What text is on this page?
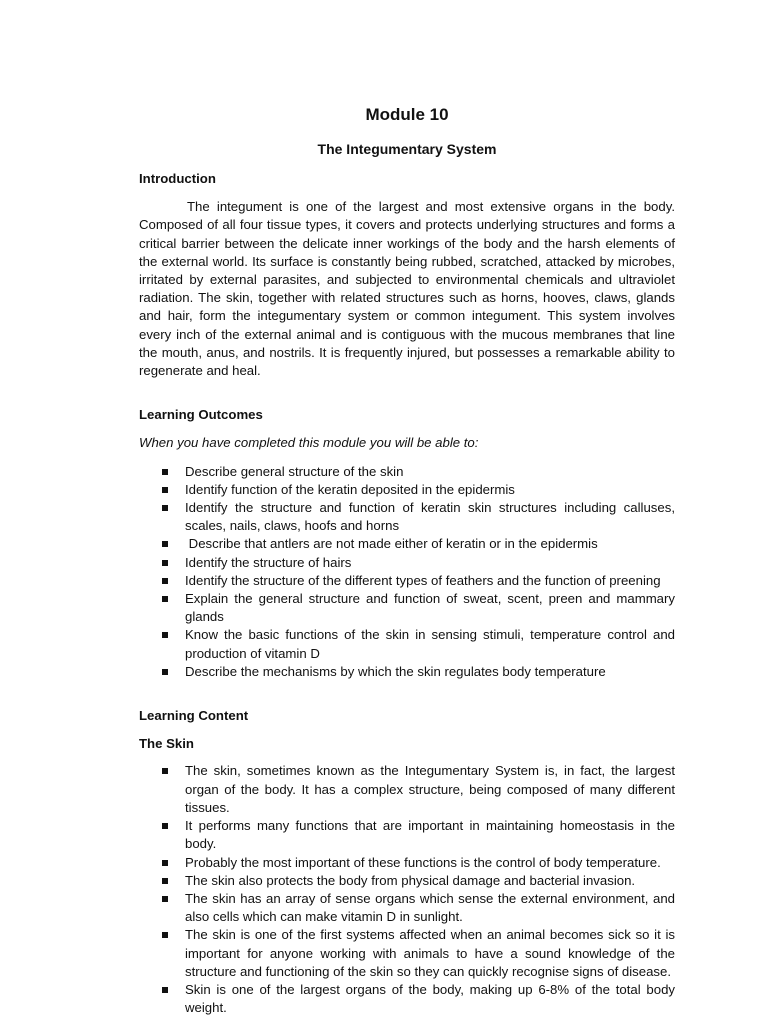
Module 10
The Integumentary System
Introduction

The integument is one of the largest and most extensive organs in the body. Composed of all four tissue types, it covers and protects underlying structures and forms a critical barrier between the delicate inner workings of the body and the harsh elements of the external world. Its surface is constantly being rubbed, scratched, attacked by microbes, irritated by external parasites, and subjected to environmental chemicals and ultraviolet radiation. The skin, together with related structures such as horns, hooves, claws, glands and hair, form the integumentary system or common integument. This system involves every inch of the external animal and is contiguous with the mucous membranes that line the mouth, anus, and nostrils. It is frequently injured, but possesses a remarkable ability to regenerate and heal.

Learning Outcomes

When you have completed this module you will be able to:

Describe general structure of the skin
Identify function of the keratin deposited in the epidermis
Identify the structure and function of keratin skin structures including calluses, scales, nails, claws, hoofs and horns
Describe that antlers are not made either of keratin or in the epidermis
Identify the structure of hairs
Identify the structure of the different types of feathers and the function of preening
Explain the general structure and function of sweat, scent, preen and mammary glands
Know the basic functions of the skin in sensing stimuli, temperature control and production of vitamin D
Describe the mechanisms by which the skin regulates body temperature
Learning Content
The Skin
The skin, sometimes known as the Integumentary System is, in fact, the largest organ of the body. It has a complex structure, being composed of many different tissues.
It performs many functions that are important in maintaining homeostasis in the body.
Probably the most important of these functions is the control of body temperature.
The skin also protects the body from physical damage and bacterial invasion.
The skin has an array of sense organs which sense the external environment, and also cells which can make vitamin D in sunlight.
The skin is one of the first systems affected when an animal becomes sick so it is important for anyone working with animals to have a sound knowledge of the structure and functioning of the skin so they can quickly recognise signs of disease.
Skin is one of the largest organs of the body, making up 6-8% of the total body weight.
